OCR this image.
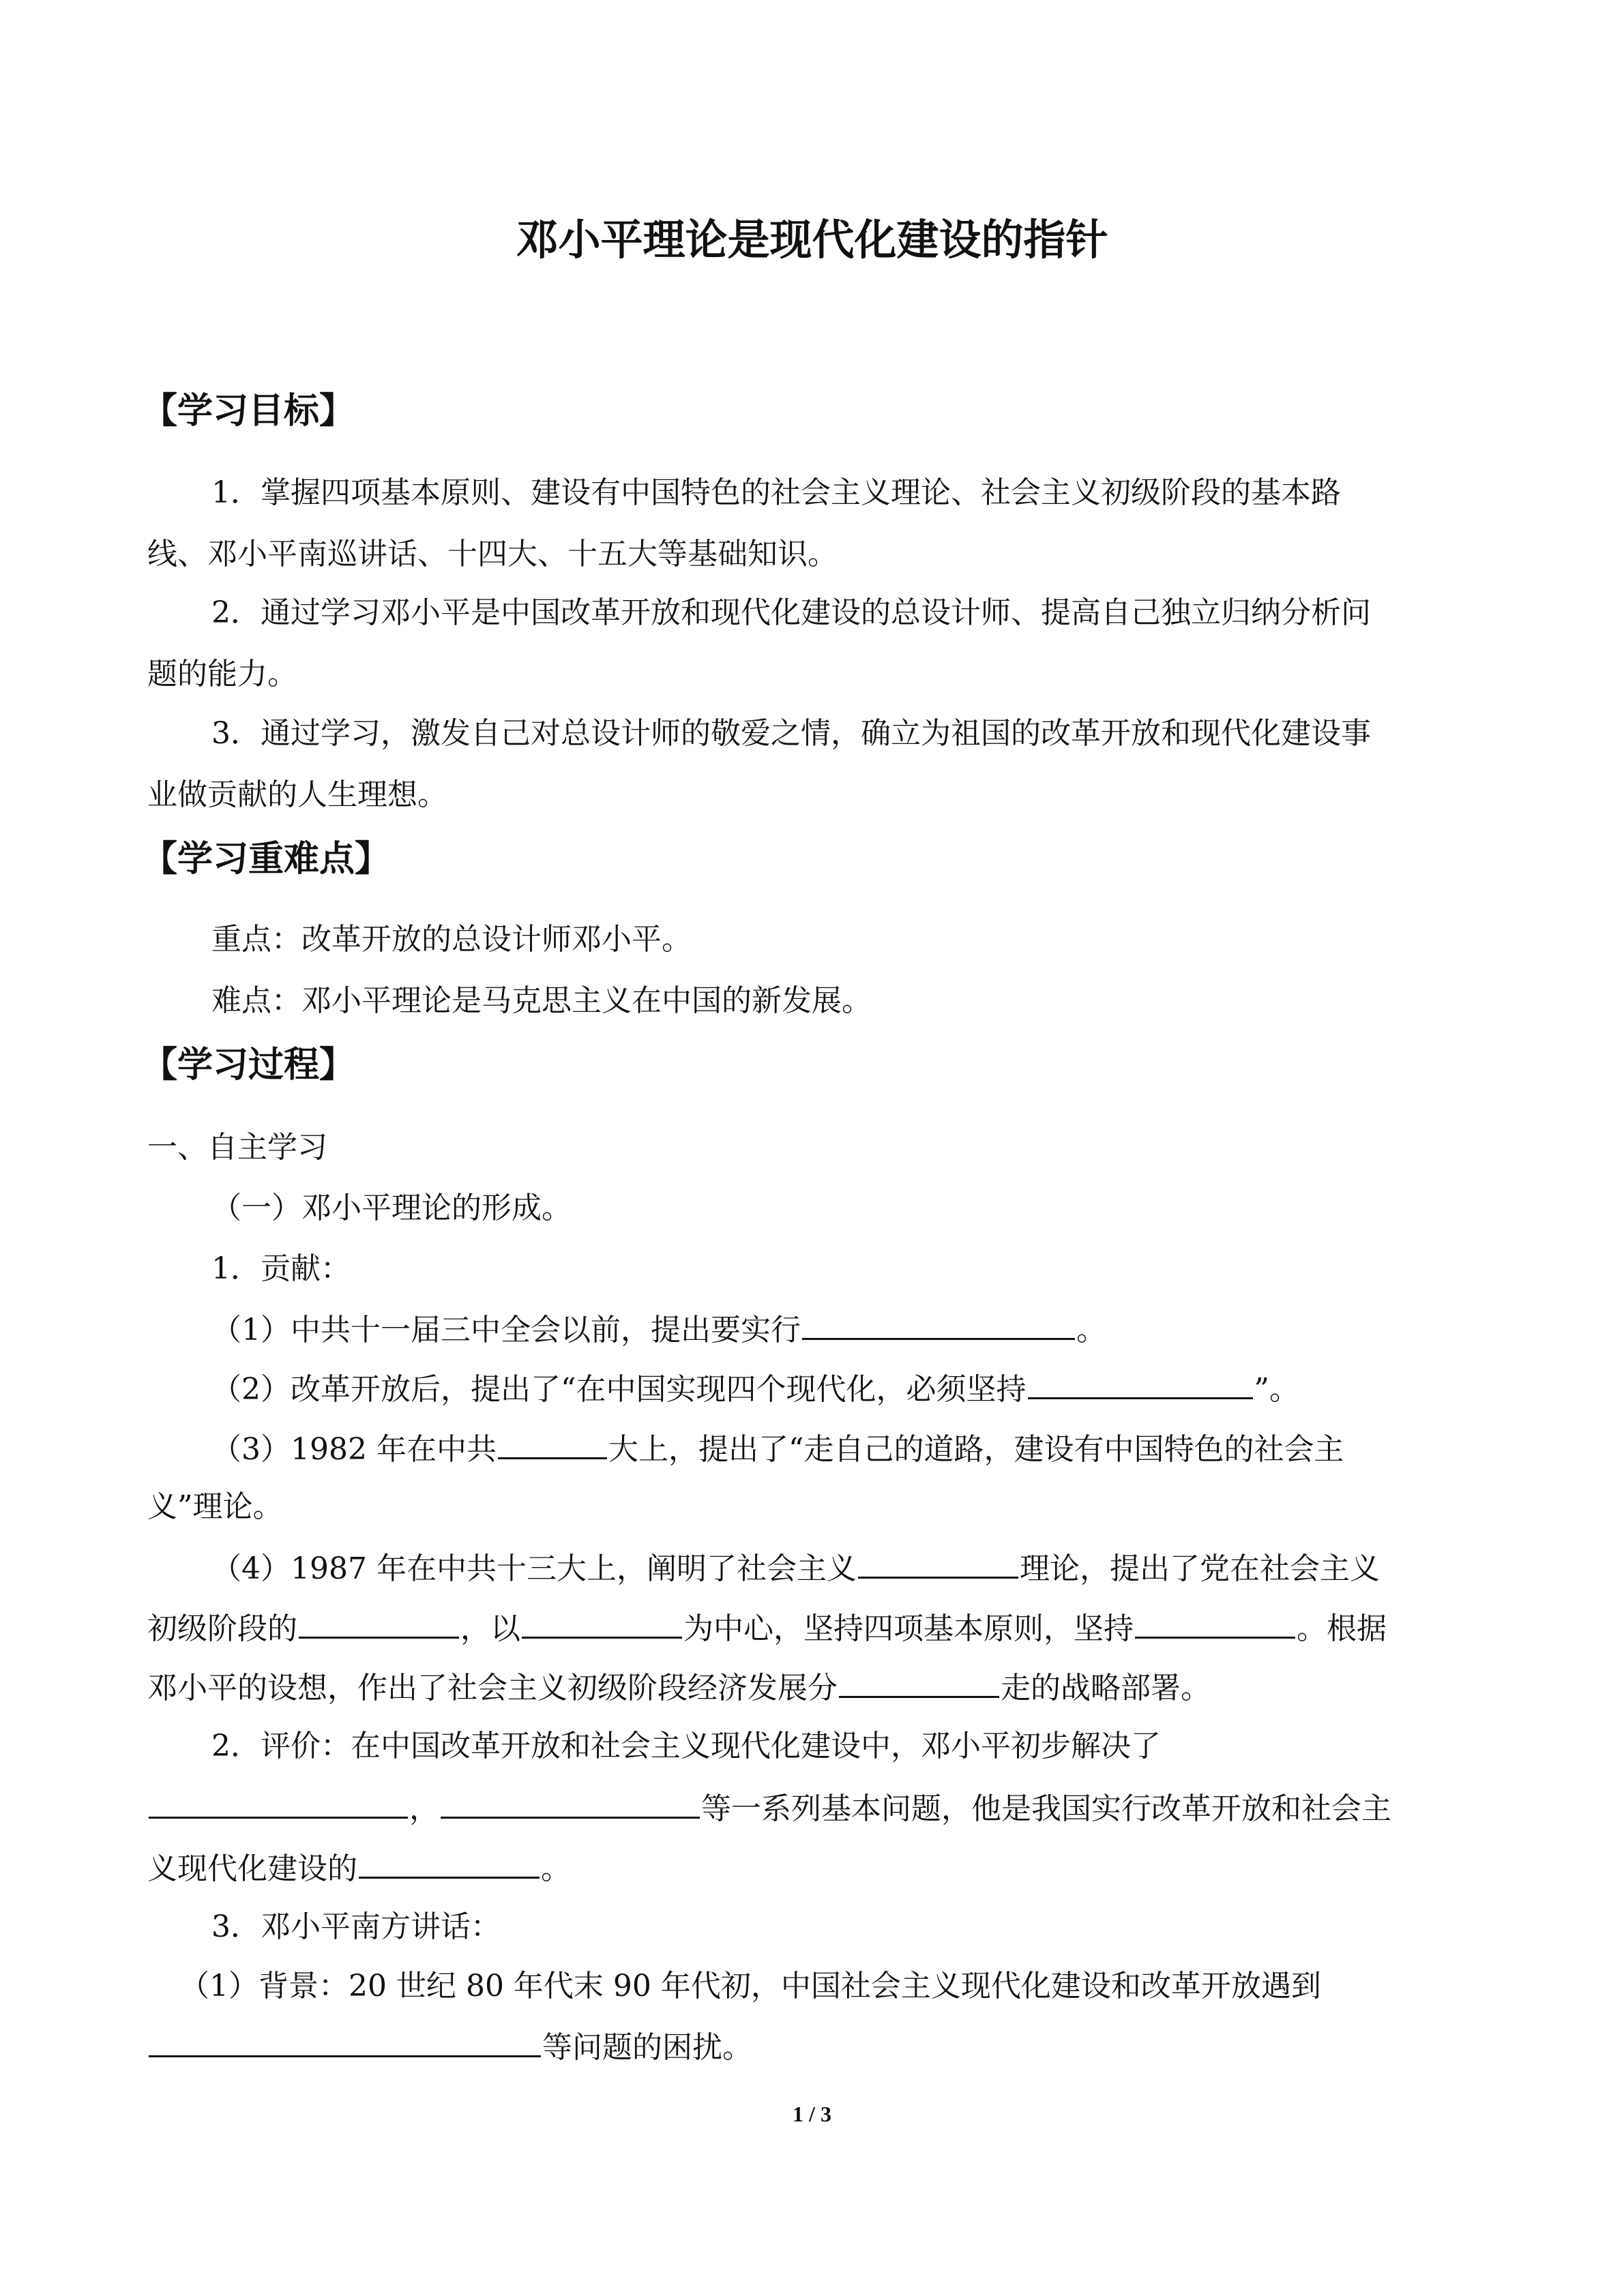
邓小平理论是现代化建设的指针
【学习目标】
1．掌握四项基本原则、建设有中国特色的社会主义理论、社会主义初级阶段的基本路
线、邓小平南巡讲话、十四大、十五大等基础知识。
2．通过学习邓小平是中国改革开放和现代化建设的总设计师、提高自己独立归纳分析问
题的能力。
3．通过学习，激发自己对总设计师的敬爱之情，确立为祖国的改革开放和现代化建设事
业做贡献的人生理想。
【学习重难点】
重点：改革开放的总设计师邓小平。
难点：邓小平理论是马克思主义在中国的新发展。
【学习过程】
一、自主学习
（一）邓小平理论的形成。
1．贡献：
（1）中共十一届三中全会以前，提出要实行	。
（2）改革开放后，提出了“在中国实现四个现代化，必须坚持	”。
（3）1982 年在中共	大上，提出了“走自己的道路，建设有中国特色的社会主
义”理论。
（4）1987 年在中共十三大上，阐明了社会主义	理论，提出了党在社会主义
初级阶段的	，以	为中心，坚持四项基本原则，坚持	。根据
邓小平的设想，作出了社会主义初级阶段经济发展分	走的战略部署。
2．评价：在中国改革开放和社会主义现代化建设中，邓小平初步解决了
，	等一系列基本问题，他是我国实行改革开放和社会主
义现代化建设的	。
3．邓小平南方讲话：
（1）背景：20 世纪 80 年代末 90 年代初，中国社会主义现代化建设和改革开放遇到
等问题的困扰。
1 / 3
